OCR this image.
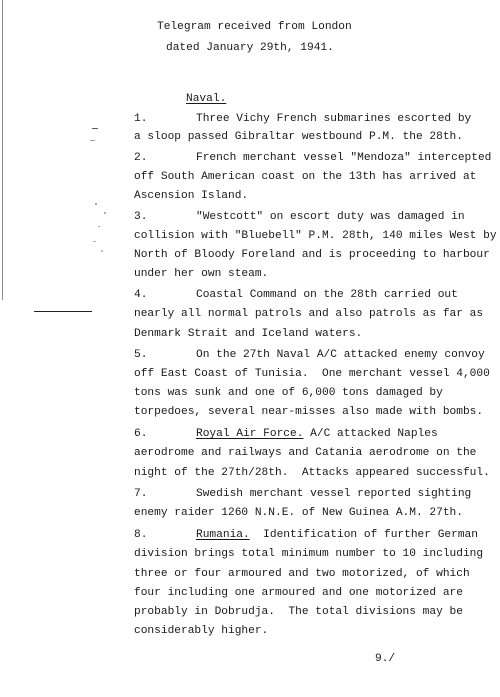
Telegram received from London
dated January 29th, 1941.
Naval.
1.	Three Vichy French submarines escorted by
a sloop passed Gibraltar westbound P.M. the 28th.
2.	French merchant vessel "Mendoza" intercepted
off South American coast on the 13th has arrived at
Ascension Island.
3.	"Westcott" on escort duty was damaged in
collision with "Bluebell" P.M. 28th, 140 miles West by
North of Bloody Foreland and is proceeding to harbour
under her own steam.
4.	Coastal Command on the 28th carried out
nearly all normal patrols and also patrols as far as
Denmark Strait and Iceland waters.
5.	On the 27th Naval A/C attacked enemy convoy
off East Coast of Tunisia.  One merchant vessel 4,000
tons was sunk and one of 6,000 tons damaged by
torpedoes, several near-misses also made with bombs.
6.	Royal Air Force. A/C attacked Naples
aerodrome and railways and Catania aerodrome on the
night of the 27th/28th.  Attacks appeared successful.
7.	Swedish merchant vessel reported sighting
enemy raider 1260 N.N.E. of New Guinea A.M. 27th.
8.	Rumania.  Identification of further German
division brings total minimum number to 10 including
three or four armoured and two motorized, of which
four including one armoured and one motorized are
probably in Dobrudja.  The total divisions may be
considerably higher.
9./
